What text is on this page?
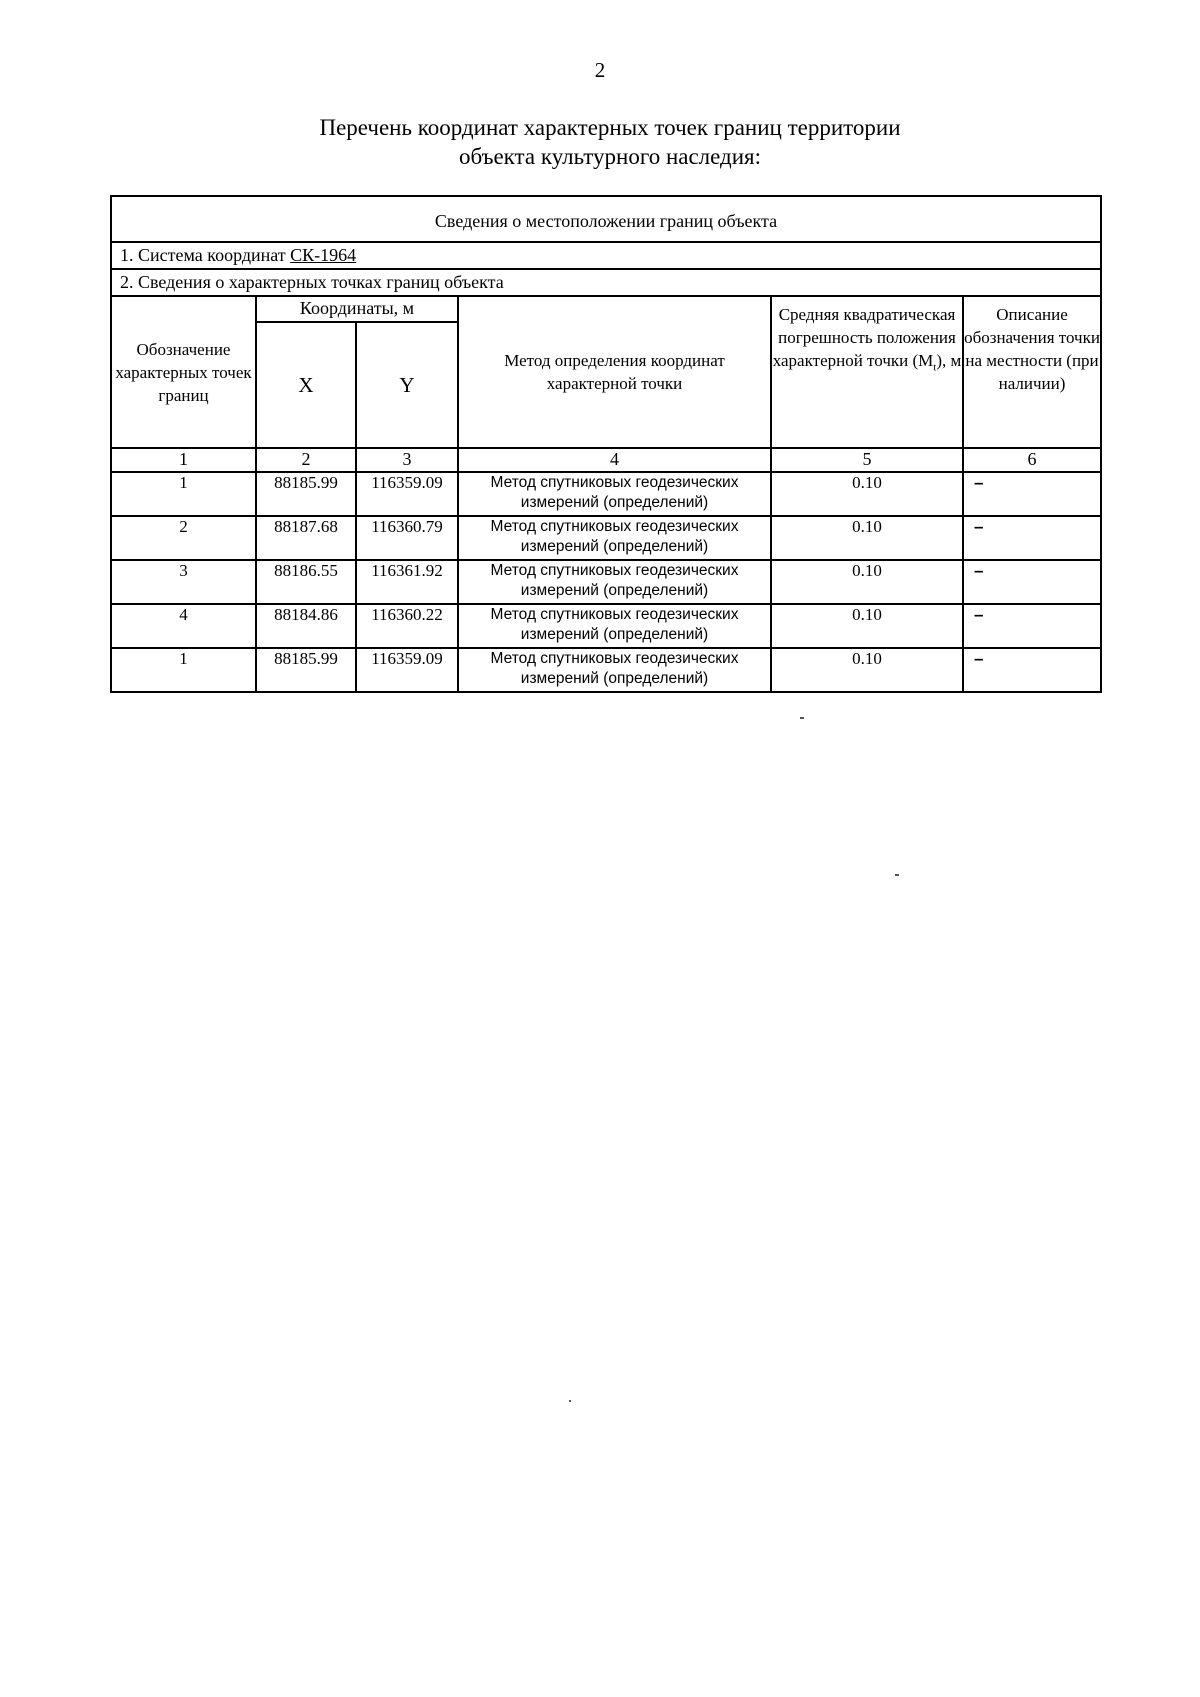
2
Перечень координат характерных точек границ территории
объекта культурного наследия:
Сведения о местоположении границ объекта					
1. Система координат СК-1964					
2. Сведения о характерных точках границ объекта					
Обозначение характерных точек границ	Координаты, м		Метод определения координат характерной точки	Средняя квадратическая погрешность положения характерной точки $(M_t)$, м	Описание обозначения точки на местности (при наличии)
	X	Y			
1	2	3	4	5	6
1	88185.99	116359.09	Метод спутниковых геодезических измерений (определений)	0.10	–
2	88187.68	116360.79	Метод спутниковых геодезических измерений (определений)	0.10	–
3	88186.55	116361.92	Метод спутниковых геодезических измерений (определений)	0.10	–
4	88184.86	116360.22	Метод спутниковых геодезических измерений (определений)	0.10	–
1	88185.99	116359.09	Метод спутниковых геодезических измерений (определений)	0.10	–
